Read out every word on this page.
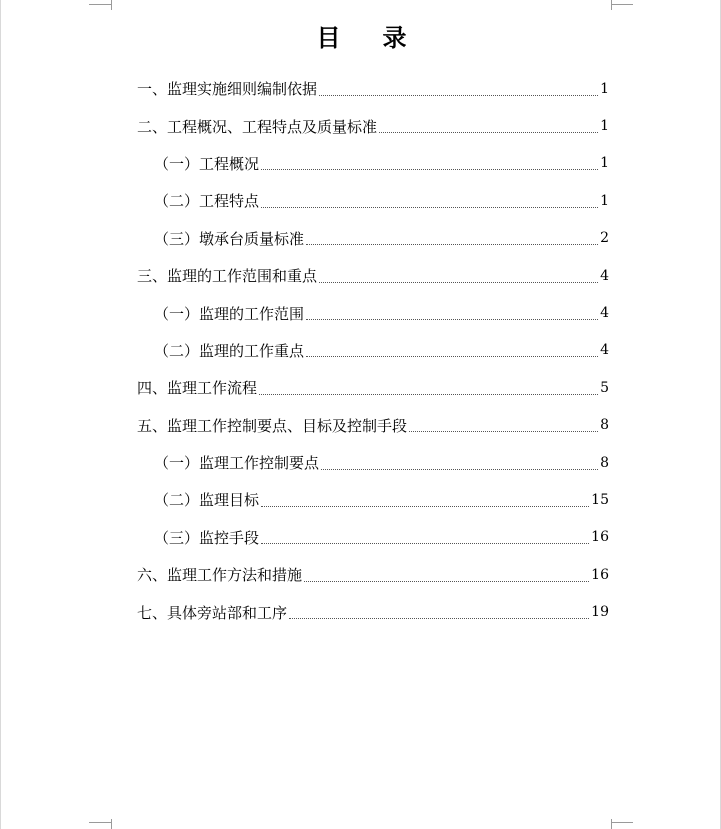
目 录
一、监理实施细则编制依据	1
二、工程概况、工程特点及质量标准	1
（一）工程概况	1
（二）工程特点	1
（三）墩承台质量标准	2
三、监理的工作范围和重点	4
（一）监理的工作范围	4
（二）监理的工作重点	4
四、监理工作流程	5
五、监理工作控制要点、目标及控制手段	8
（一）监理工作控制要点	8
（二）监理目标	15
（三）监控手段	16
六、监理工作方法和措施	16
七、具体旁站部和工序	19
